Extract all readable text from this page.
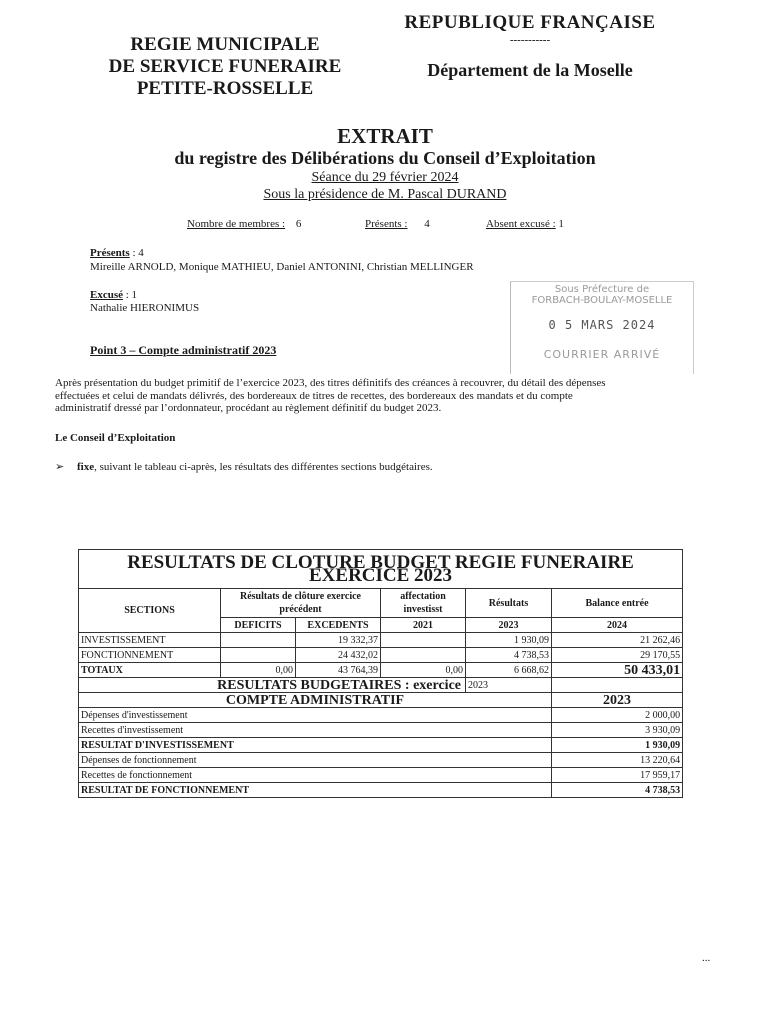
REGIE MUNICIPALE
DE SERVICE FUNERAIRE
PETITE-ROSSELLE
REPUBLIQUE FRANÇAISE
-----------
Département de la Moselle
EXTRAIT
du registre des Délibérations du Conseil d’Exploitation
Séance du 29 février 2024
Sous la présidence de M. Pascal DURAND
Nombre de membres : 6	Présents : 4	Absent excusé : 1
Présents : 4
Mireille ARNOLD, Monique MATHIEU, Daniel ANTONINI, Christian MELLINGER
Excusé : 1
Nathalie HIERONIMUS
Sous Préfecture de
FORBACH-BOULAY-MOSELLE
0 5 MARS 2024
COURRIER ARRIVÉ
Point 3 – Compte administratif 2023
Après présentation du budget primitif de l’exercice 2023, des titres définitifs des créances à recouvrer, du détail des dépenses
effectuées et celui de mandats délivrés, des bordereaux de titres de recettes, des bordereaux des mandats et du compte
administratif dressé par l’ordonnateur, procédant au règlement définitif du budget 2023.
Le Conseil d’Exploitation
➢ fixe, suivant le tableau ci-après, les résultats des différentes sections budgétaires.
RESULTATS DE CLOTURE BUDGET REGIE FUNERAIRE EXERCICE 2023					
SECTIONS	Résultats de clôture exercice précédent		affectation investisst	Résultats	Balance entrée
	DEFICITS	EXCEDENTS	2021	2023	2024
INVESTISSEMENT		19 332,37		1 930,09	21 262,46
FONCTIONNEMENT		24 432,02		4 738,53	29 170,55
TOTAUX	0,00	43 764,39	0,00	6 668,62	50 433,01
RESULTATS BUDGETAIRES : exercice				2023	
COMPTE ADMINISTRATIF					2023
Dépenses d'investissement					2 000,00
Recettes d'investissement					3 930,09
RESULTAT D'INVESTISSEMENT					1 930,09
Dépenses de fonctionnement					13 220,64
Recettes de fonctionnement					17 959,17
RESULTAT DE FONCTIONNEMENT					4 738,53
...
